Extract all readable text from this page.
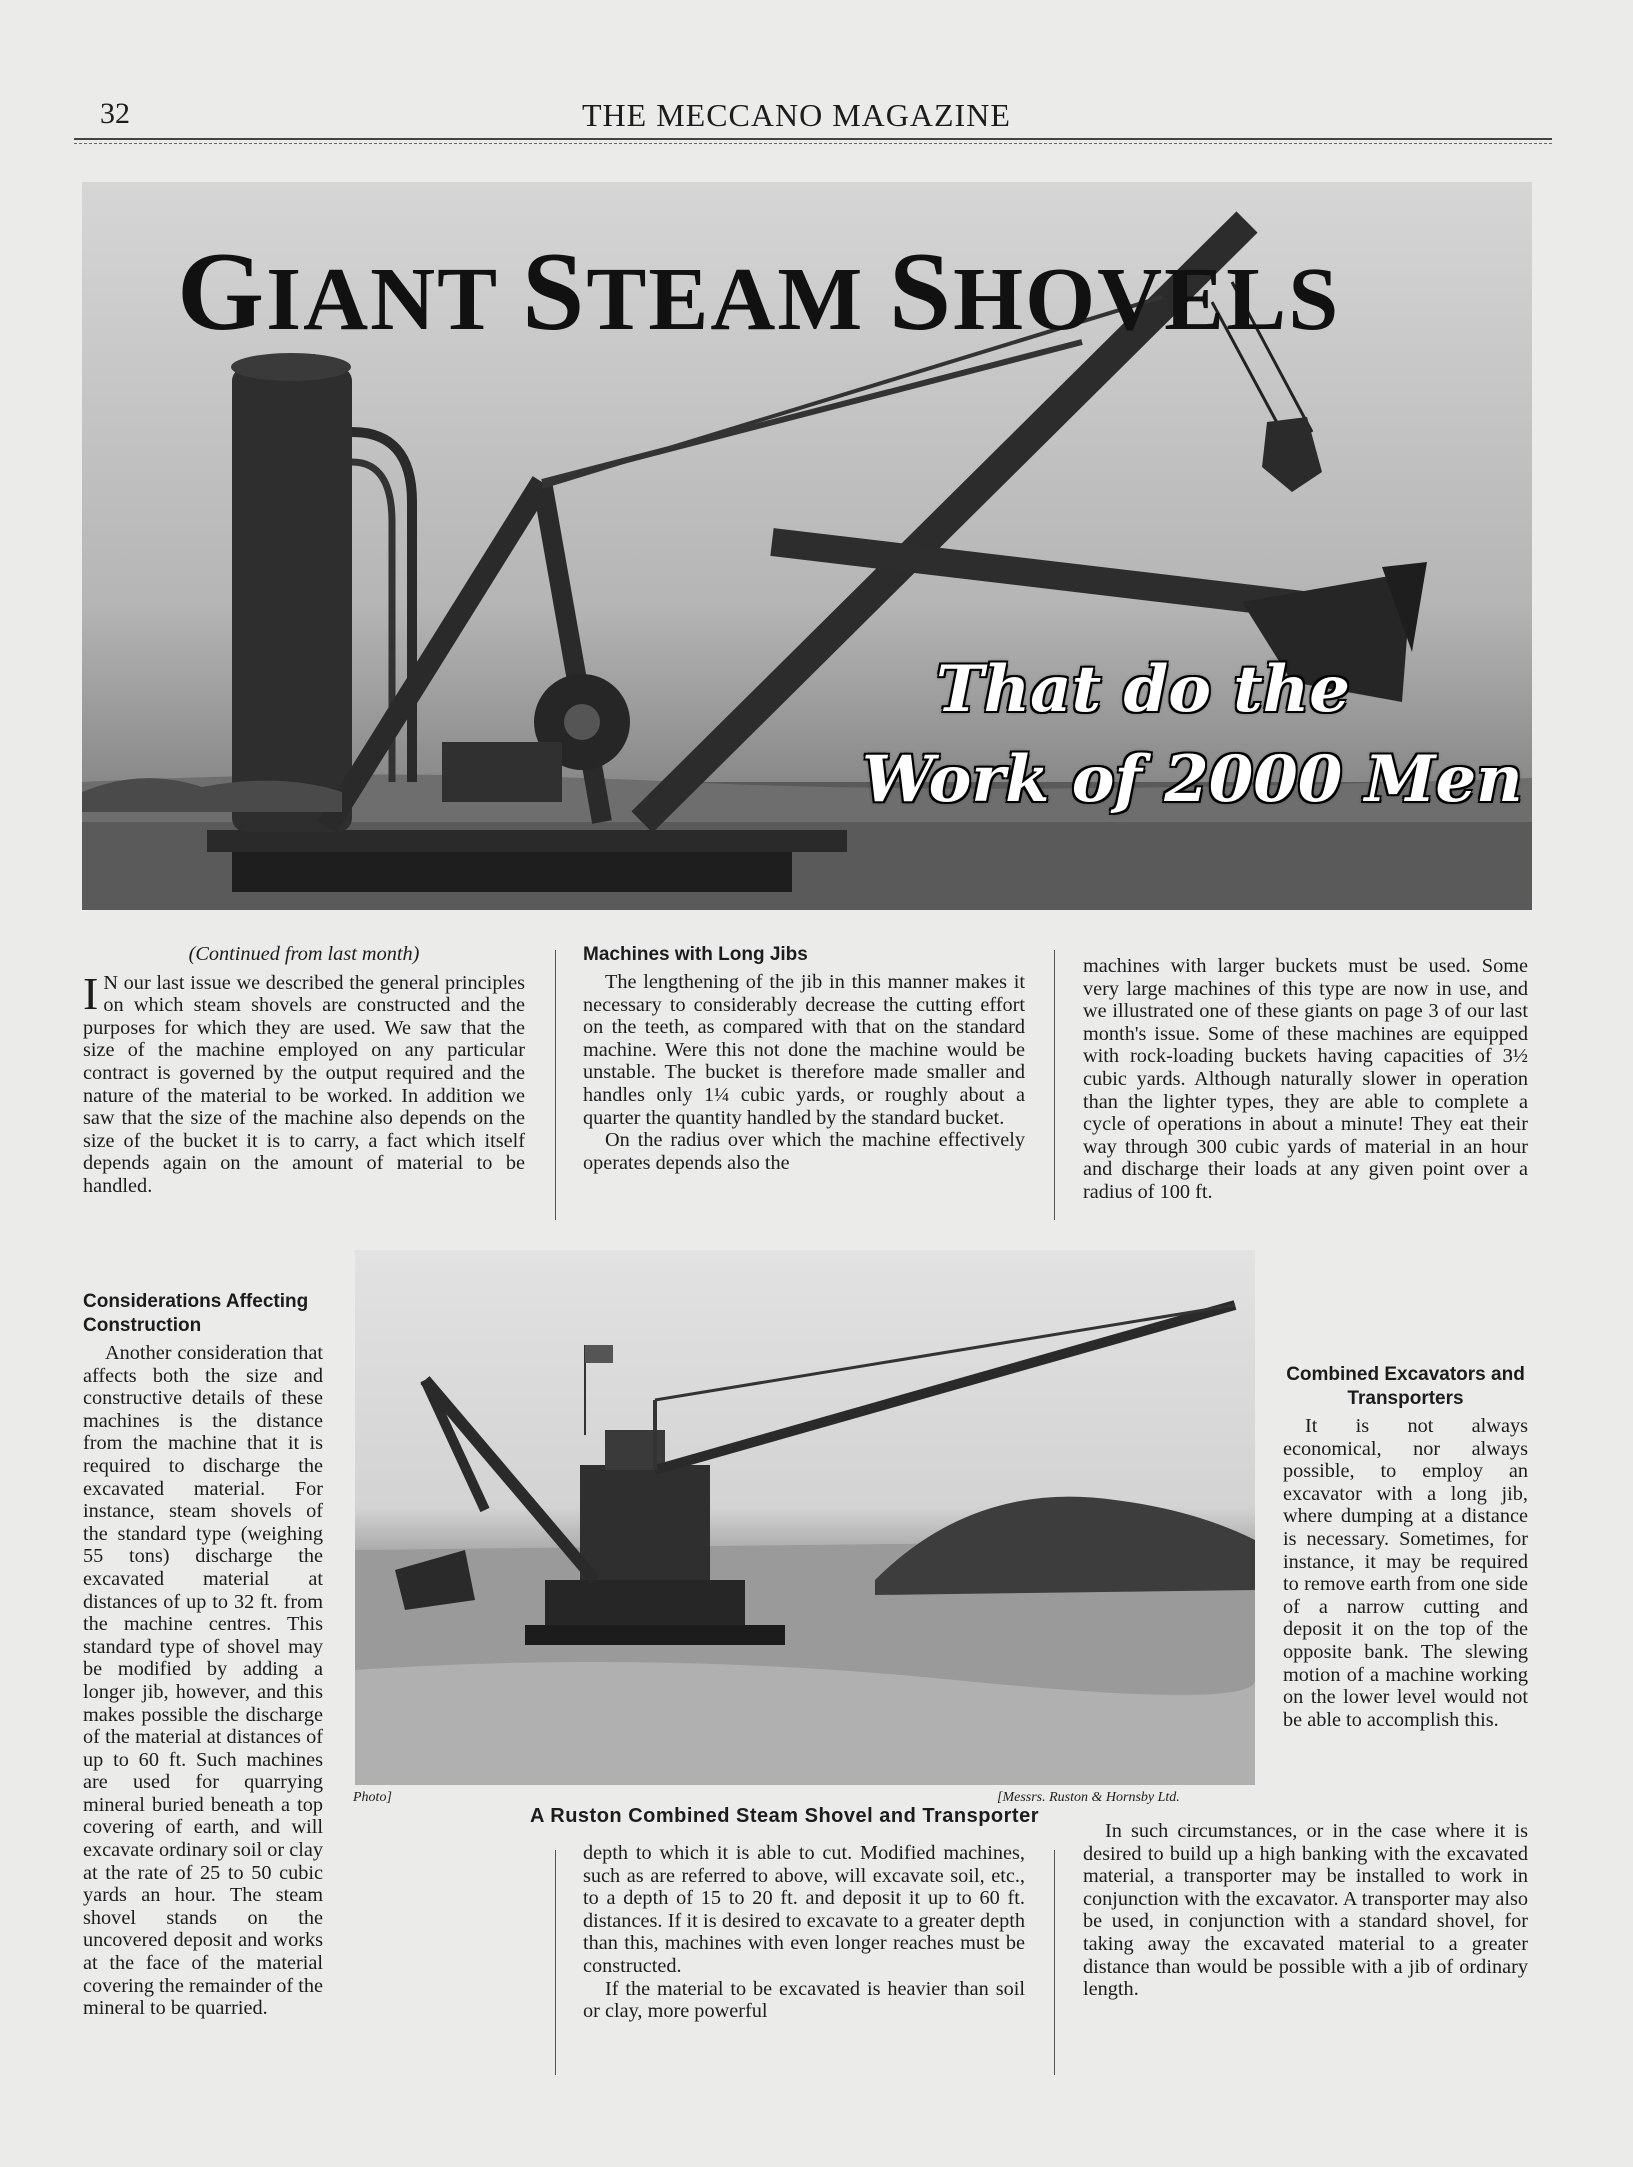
32	THE MECCANO MAGAZINE
GIANT STEAM SHOVELS
That do the
Work of 2000 Men
(Continued from last month)

I N our last issue we described the general principles on which steam shovels are constructed and the purposes for which they are used. We saw that the size of the machine employed on any particular contract is governed by the output required and the nature of the material to be worked. In addition we saw that the size of the machine also depends on the size of the bucket it is to carry, a fact which itself depends again on the amount of material to be handled.

Considerations Affecting Construction

Another consideration that affects both the size and constructive details of these machines is the distance from the machine that it is required to discharge the excavated material. For instance, steam shovels of the standard type (weighing 55 tons) discharge the excavated material at distances of up to 32 ft. from the machine centres. This standard type of shovel may be modified by adding a longer jib, however, and this makes possible the discharge of the material at distances of up to 60 ft. Such machines are used for quarrying mineral buried beneath a top covering of earth, and will excavate ordinary soil or clay at the rate of 25 to 50 cubic yards an hour. The steam shovel stands on the uncovered deposit and works at the face of the material covering the remainder of the mineral to be quarried.

Machines with Long Jibs

The lengthening of the jib in this manner makes it necessary to considerably decrease the cutting effort on the teeth, as compared with that on the standard machine. Were this not done the machine would be unstable. The bucket is therefore made smaller and handles only 1¼ cubic yards, or roughly about a quarter the quantity handled by the standard bucket.

On the radius over which the machine effectively operates depends also the

depth to which it is able to cut. Modified machines, such as are referred to above, will excavate soil, etc., to a depth of 15 to 20 ft. and deposit it up to 60 ft. distances. If it is desired to excavate to a greater depth than this, machines with even longer reaches must be constructed.

If the material to be excavated is heavier than soil or clay, more powerful

machines with larger buckets must be used. Some very large machines of this type are now in use, and we illustrated one of these giants on page 3 of our last month's issue. Some of these machines are equipped with rock-loading buckets having capacities of 3½ cubic yards. Although naturally slower in operation than the lighter types, they are able to complete a cycle of operations in about a minute! They eat their way through 300 cubic yards of material in an hour and discharge their loads at any given point over a radius of 100 ft.

Combined Excavators and Transporters

It is not always economical, nor always possible, to employ an excavator with a long jib, where dumping at a distance is necessary. Sometimes, for instance, it may be required to remove earth from one side of a narrow cutting and deposit it on the top of the opposite bank. The slewing motion of a machine working on the lower level would not be able to accomplish this.

In such circumstances, or in the case where it is desired to build up a high banking with the excavated material, a transporter may be installed to work in conjunction with the excavator. A transporter may also be used, in conjunction with a standard shovel, for taking away the excavated material to a greater distance than would be possible with a jib of ordinary length.

Photo]	[Messrs. Ruston & Hornsby Ltd.
A Ruston Combined Steam Shovel and Transporter
